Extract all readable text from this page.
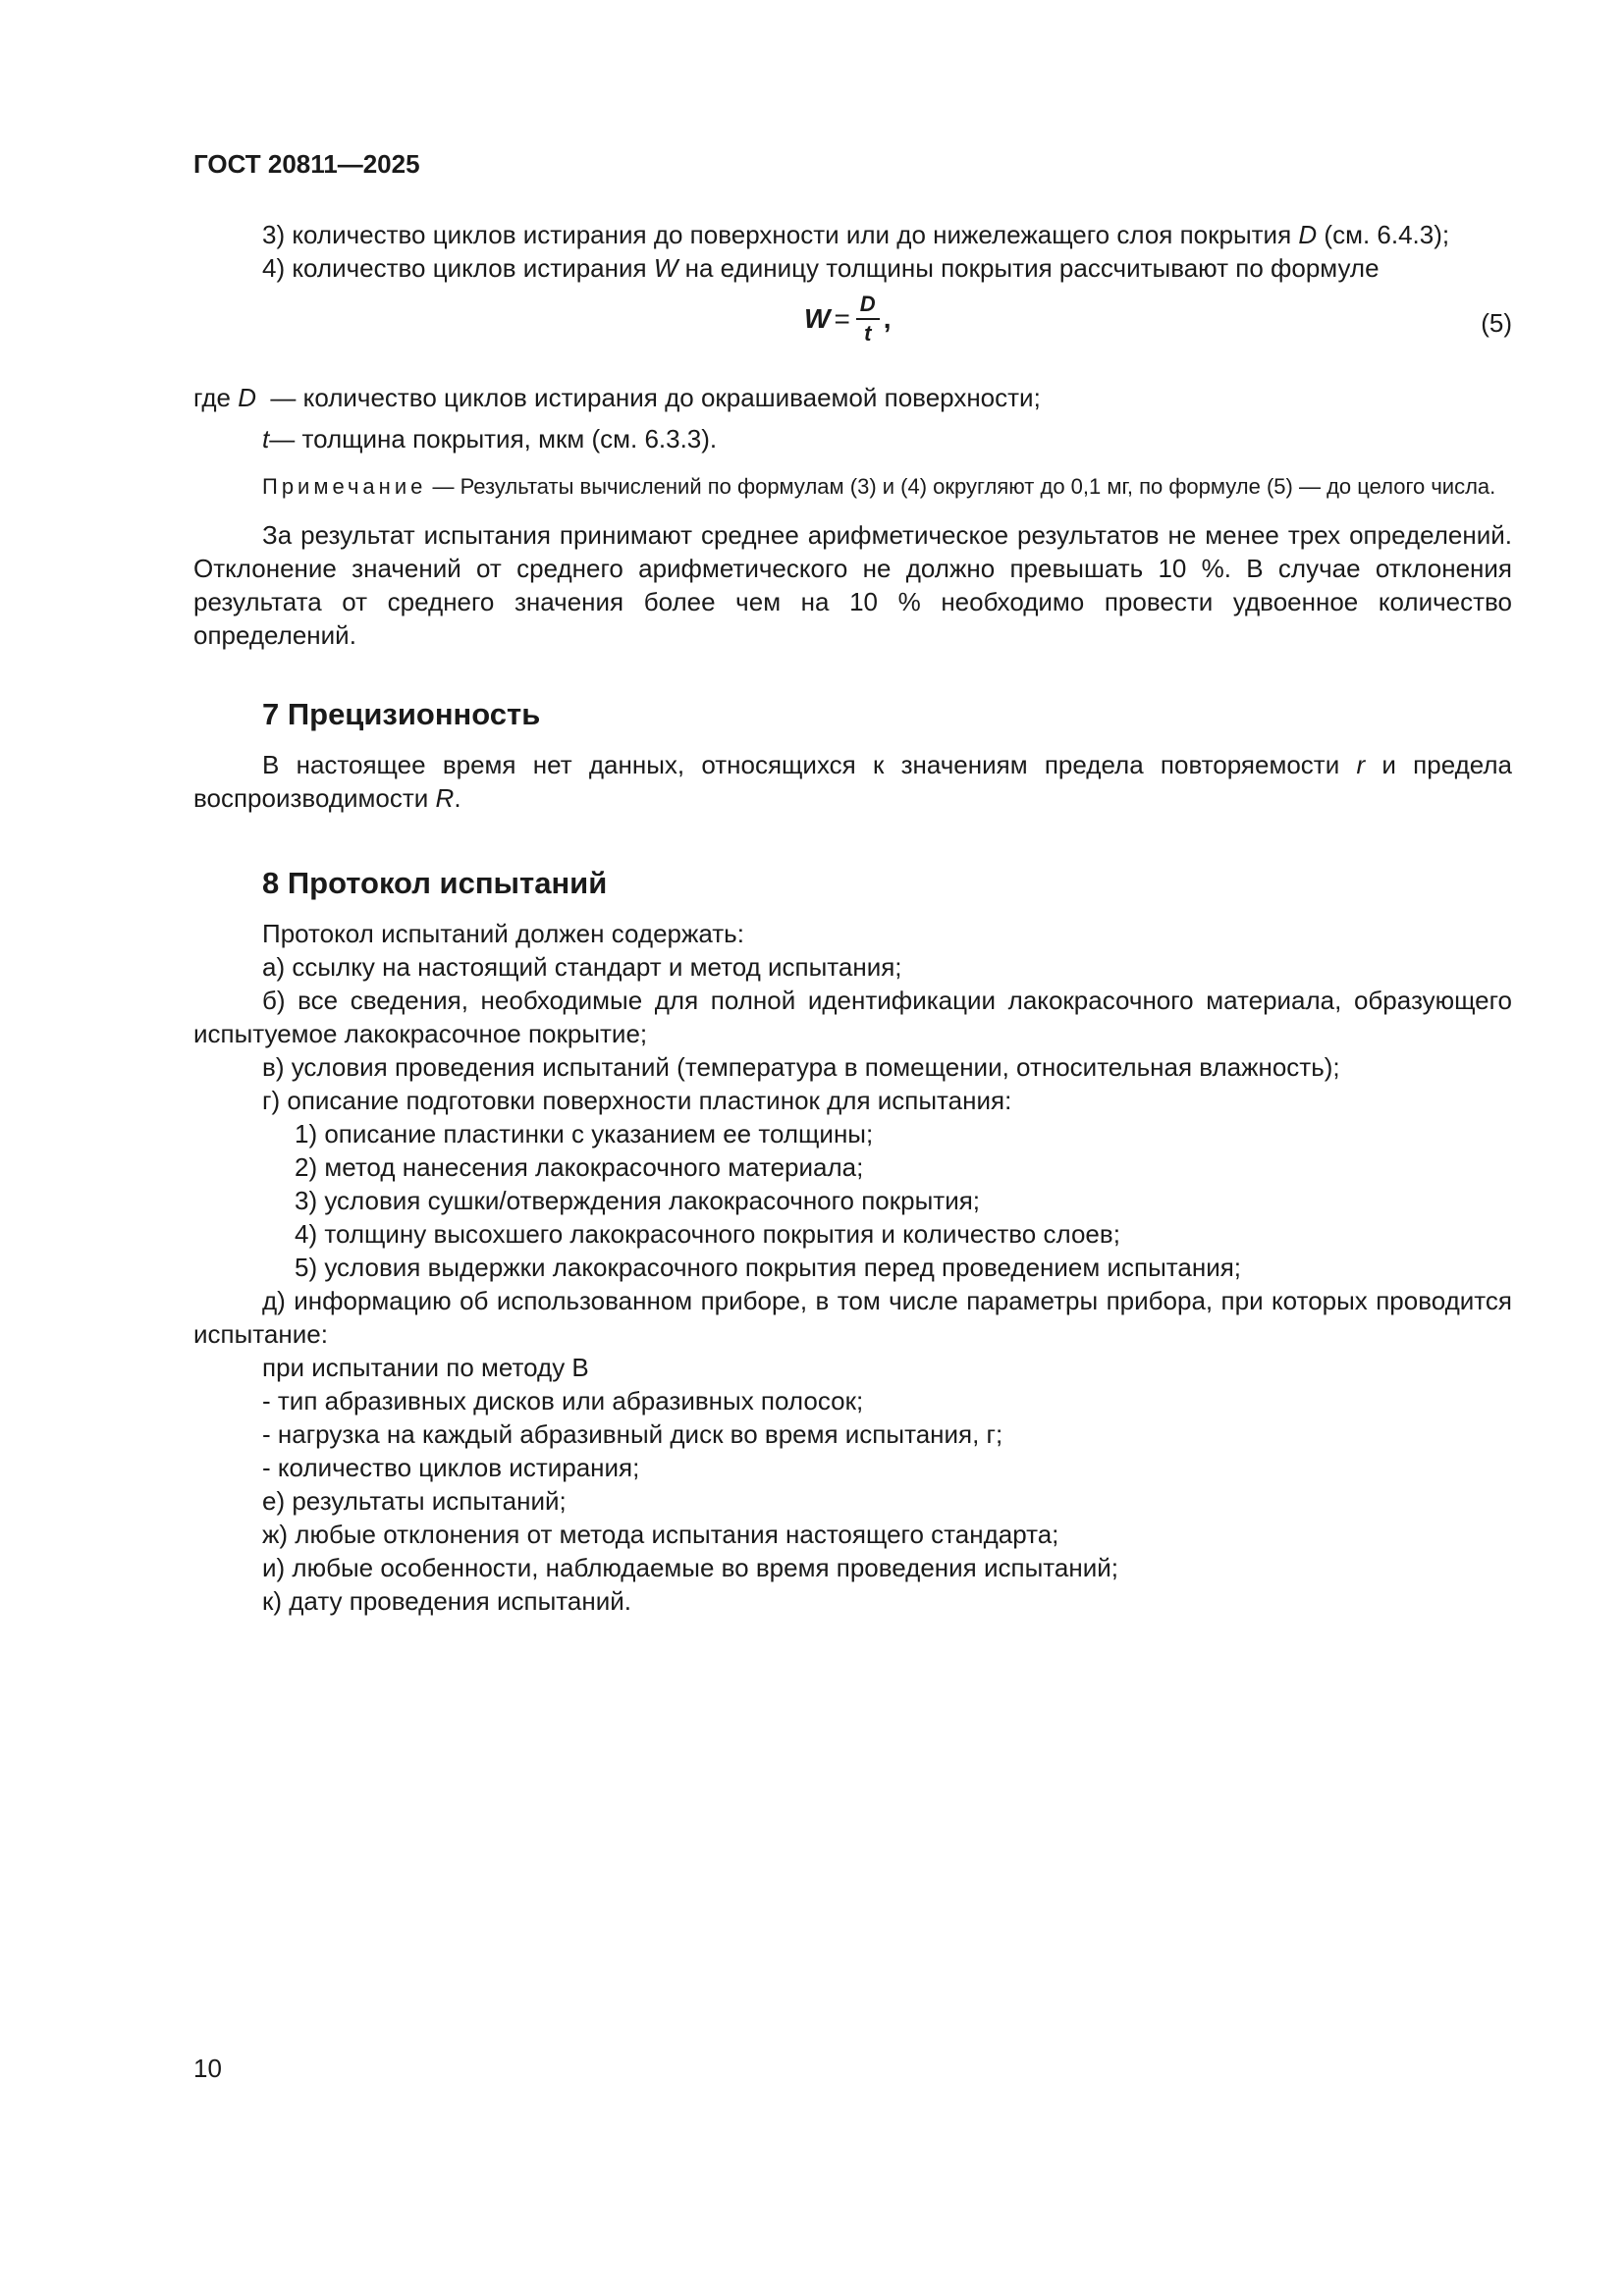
ГОСТ 20811—2025

3) количество циклов истирания до поверхности или до нижележащего слоя покрытия D (см. 6.4.3);

4) количество циклов истирания W на единицу толщины покрытия рассчитывают по формуле

$W = \frac{D}{t}$ ,	(5)

где D — количество циклов истирания до окрашиваемой поверхности;

t— толщина покрытия, мкм (см. 6.3.3).

Примечание — Результаты вычислений по формулам (3) и (4) округляют до 0,1 мг, по формуле (5) — до целого числа.

За результат испытания принимают среднее арифметическое результатов не менее трех определений. Отклонение значений от среднего арифметического не должно превышать 10 %. В случае отклонения результата от среднего значения более чем на 10 % необходимо провести удвоенное количество определений.

7 Прецизионность

В настоящее время нет данных, относящихся к значениям предела повторяемости r и предела воспроизводимости R.

8 Протокол испытаний

Протокол испытаний должен содержать:

а) ссылку на настоящий стандарт и метод испытания;

б) все сведения, необходимые для полной идентификации лакокрасочного материала, образующего испытуемое лакокрасочное покрытие;

в) условия проведения испытаний (температура в помещении, относительная влажность);

г) описание подготовки поверхности пластинок для испытания:

1) описание пластинки с указанием ее толщины;

2) метод нанесения лакокрасочного материала;

3) условия сушки/отверждения лакокрасочного покрытия;

4) толщину высохшего лакокрасочного покрытия и количество слоев;

5) условия выдержки лакокрасочного покрытия перед проведением испытания;

д) информацию об использованном приборе, в том числе параметры прибора, при которых проводится испытание:

при испытании по методу В

- тип абразивных дисков или абразивных полосок;

- нагрузка на каждый абразивный диск во время испытания, г;

- количество циклов истирания;

е) результаты испытаний;

ж) любые отклонения от метода испытания настоящего стандарта;

и) любые особенности, наблюдаемые во время проведения испытаний;

к) дату проведения испытаний.

10
